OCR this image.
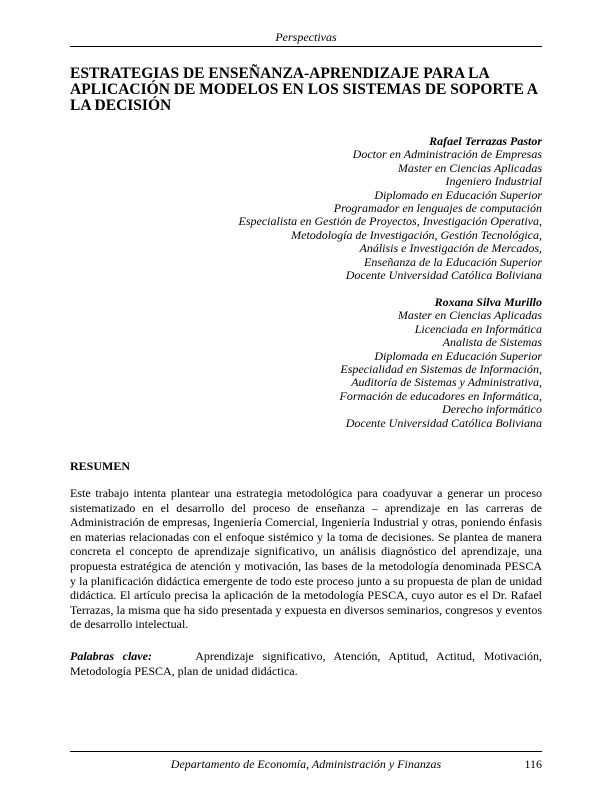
Perspectivas
ESTRATEGIAS DE ENSEÑANZA-APRENDIZAJE PARA LA APLICACIÓN DE MODELOS EN LOS SISTEMAS DE SOPORTE A LA DECISIÓN
Rafael Terrazas Pastor
Doctor en Administración de Empresas
Master en Ciencias Aplicadas
Ingeniero Industrial
Diplomado en Educación Superior
Programador en lenguajes de computación
Especialista en Gestión de Proyectos, Investigación Operativa,
Metodología de Investigación, Gestión Tecnológica,
Análisis e Investigación de Mercados,
Enseñanza de la Educación Superior
Docente Universidad Católica Boliviana
Roxana Silva Murillo
Master en Ciencias Aplicadas
Licenciada en Informática
Analista de Sistemas
Diplomada en Educación Superior
Especialidad en Sistemas de Información,
Auditoría de Sistemas y Administrativa,
Formación de educadores en Informática,
Derecho informático
Docente Universidad Católica Boliviana
RESUMEN

Este trabajo intenta plantear una estrategia metodológica para coadyuvar a generar un proceso sistematizado en el desarrollo del proceso de enseñanza – aprendizaje en las carreras de Administración de empresas, Ingeniería Comercial, Ingeniería Industrial y otras, poniendo énfasis en materias relacionadas con el enfoque sistémico y la toma de decisiones. Se plantea de manera concreta el concepto de aprendizaje significativo, un análisis diagnóstico del aprendizaje, una propuesta estratégica de atención y motivación, las bases de la metodología denominada PESCA y la planificación didáctica emergente de todo este proceso junto a su propuesta de plan de unidad didáctica. El artículo precisa la aplicación de la metodología PESCA, cuyo autor es el Dr. Rafael Terrazas, la misma que ha sido presentada y expuesta en diversos seminarios, congresos y eventos de desarrollo intelectual.

Palabras clave:	Aprendizaje significativo, Atención, Aptitud, Actitud, Motivación, Metodología PESCA, plan de unidad didáctica.

Departamento de Economía, Administración y Finanzas	116
